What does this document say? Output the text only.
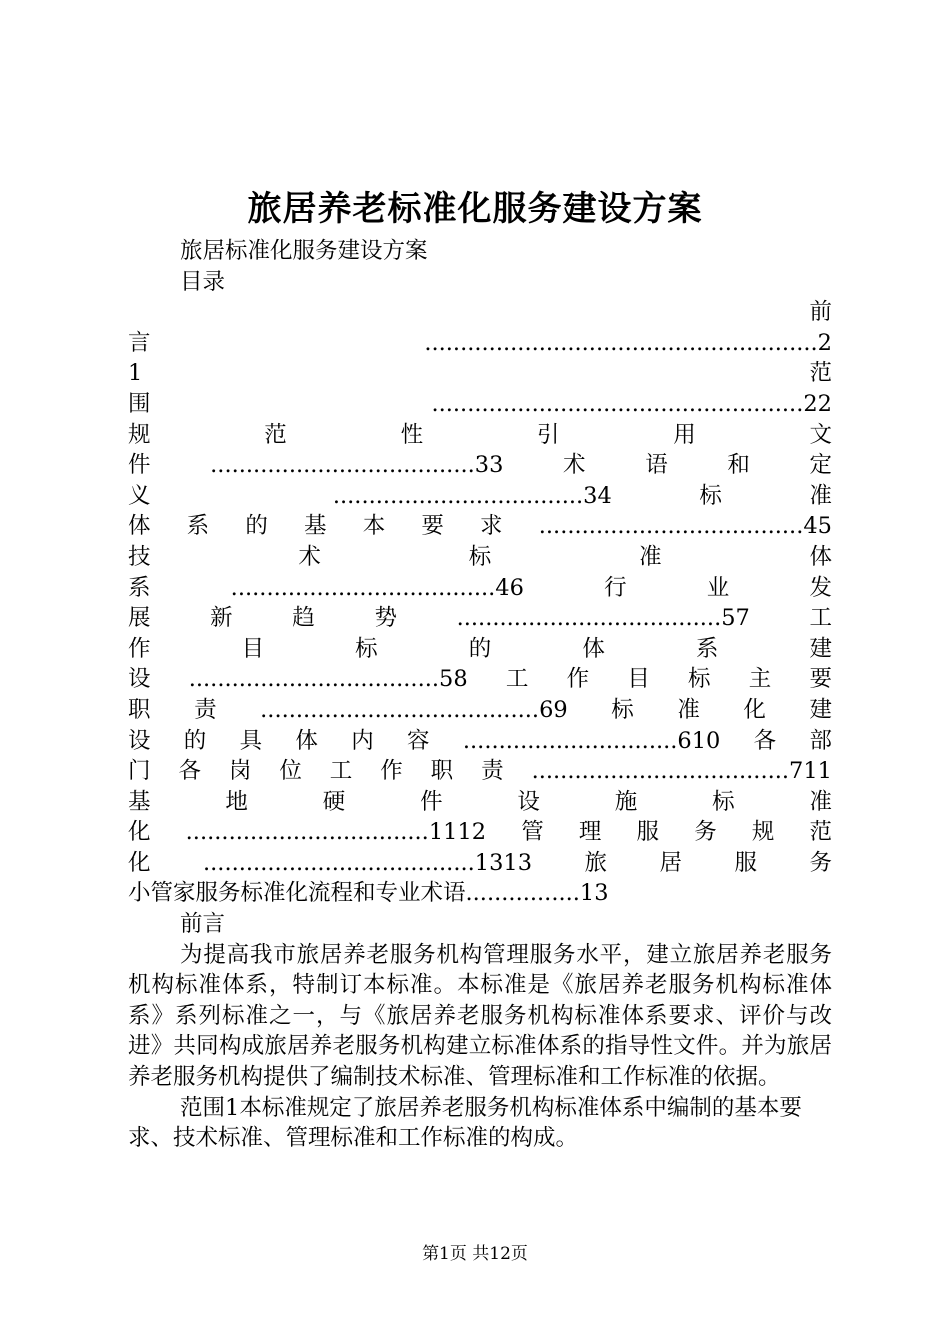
旅居养老标准化服务建设方案
旅居标准化服务建设方案
目录
前
言.......................................................2
1范
围 ....................................................22
规范性引用文
件.....................................33术语和定
义 ...................................34标准
体系的基本要求.....................................45
技术标准体
系.....................................46行业发
展新趋势.....................................57工
作目标的体系建
设...................................58工作目标主要
职责.......................................69标准化建
设的具体内容..............................610各部
门各岗位工作职责....................................711
基地硬件设施标准
化..................................1112管理服务规范
化......................................1313旅居服务
小管家服务标准化流程和专业术语................13
前言
为提高我市旅居养老服务机构管理服务水平，建立旅居养老服务机构标准体系，特制订本标准。本标准是《旅居养老服务机构标准体系》系列标准之一，与《旅居养老服务机构标准体系要求、评价与改进》共同构成旅居养老服务机构建立标准体系的指导性文件。并为旅居养老服务机构提供了编制技术标准、管理标准和工作标准的依据。
范围1本标准规定了旅居养老服务机构标准体系中编制的基本要求、技术标准、管理标准和工作标准的构成。
第1页 共12页
